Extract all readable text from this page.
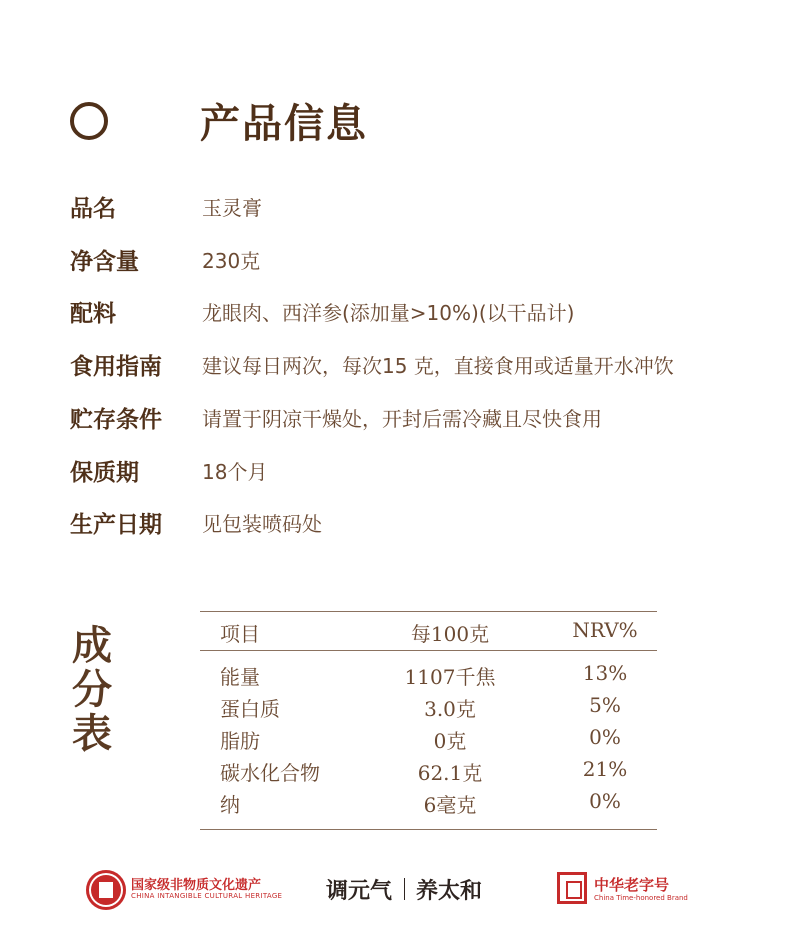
产品信息
品名	玉灵膏
净含量	230克
配料	龙眼肉、西洋参(添加量>10%)(以干品计)
食用指南 建议每日两次，每次15 克，直接食用或适量开水冲饮
贮存条件 请置于阴凉干燥处，开封后需冷藏且尽快食用
保质期	18个月
生产日期 见包装喷码处
成
分
表
项目	每100克	NRV%
能量	1107千焦	13%
蛋白质	3.0克	5%
脂肪	0克	0%
碳水化合物	62.1克	21%
纳	6毫克	0%
国家级非物质文化遗产
CHINA INTANGIBLE CULTURAL HERITAGE 调元气 养太和	中华老字号
China Time-honored Brand
